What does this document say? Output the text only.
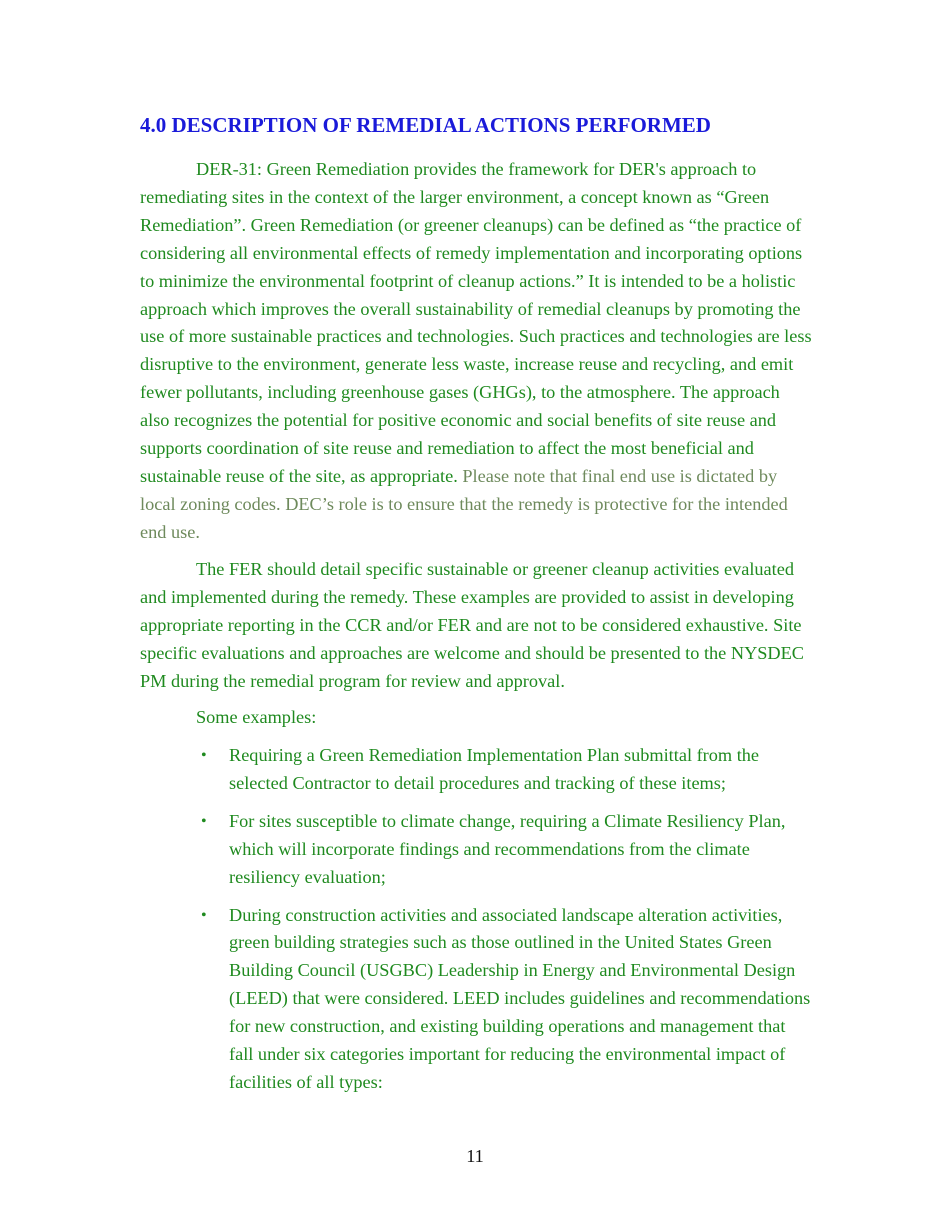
4.0 DESCRIPTION OF REMEDIAL ACTIONS PERFORMED

DER-31: Green Remediation provides the framework for DER's approach to remediating sites in the context of the larger environment, a concept known as “Green Remediation”. Green Remediation (or greener cleanups) can be defined as “the practice of considering all environmental effects of remedy implementation and incorporating options to minimize the environmental footprint of cleanup actions.” It is intended to be a holistic approach which improves the overall sustainability of remedial cleanups by promoting the use of more sustainable practices and technologies. Such practices and technologies are less disruptive to the environment, generate less waste, increase reuse and recycling, and emit fewer pollutants, including greenhouse gases (GHGs), to the atmosphere. The approach also recognizes the potential for positive economic and social benefits of site reuse and supports coordination of site reuse and remediation to affect the most beneficial and sustainable reuse of the site, as appropriate. Please note that final end use is dictated by local zoning codes. DEC’s role is to ensure that the remedy is protective for the intended end use.

The FER should detail specific sustainable or greener cleanup activities evaluated and implemented during the remedy. These examples are provided to assist in developing appropriate reporting in the CCR and/or FER and are not to be considered exhaustive. Site specific evaluations and approaches are welcome and should be presented to the NYSDEC PM during the remedial program for review and approval.

Some examples:

• Requiring a Green Remediation Implementation Plan submittal from the selected Contractor to detail procedures and tracking of these items;
• For sites susceptible to climate change, requiring a Climate Resiliency Plan, which will incorporate findings and recommendations from the climate resiliency evaluation;
• During construction activities and associated landscape alteration activities, green building strategies such as those outlined in the United States Green Building Council (USGBC) Leadership in Energy and Environmental Design (LEED) that were considered. LEED includes guidelines and recommendations for new construction, and existing building operations and management that fall under six categories important for reducing the environmental impact of facilities of all types:
11
